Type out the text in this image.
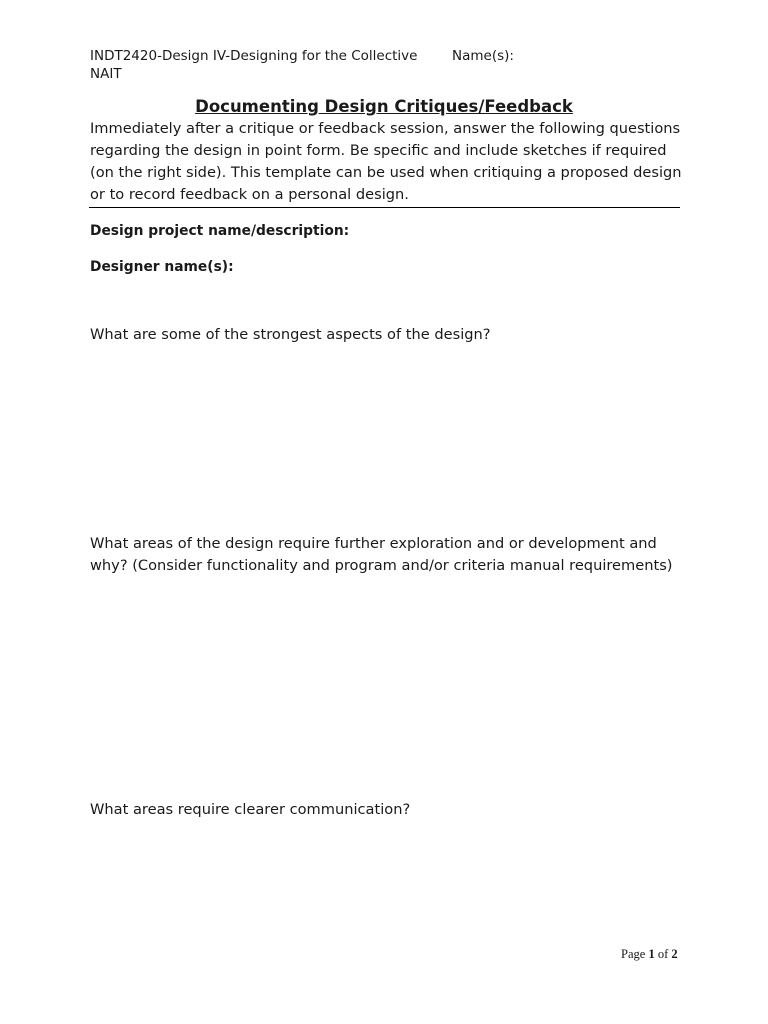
INDT2420-Design IV-Designing for the Collective	Name(s):
NAIT
Documenting Design Critiques/Feedback
Immediately after a critique or feedback session, answer the following questions
regarding the design in point form. Be specific and include sketches if required
(on the right side). This template can be used when critiquing a proposed design
or to record feedback on a personal design.
Design project name/description:
Designer name(s):
What are some of the strongest aspects of the design?
What areas of the design require further exploration and or development and
why? (Consider functionality and program and/or criteria manual requirements)
What areas require clearer communication?
Page 1 of 2
